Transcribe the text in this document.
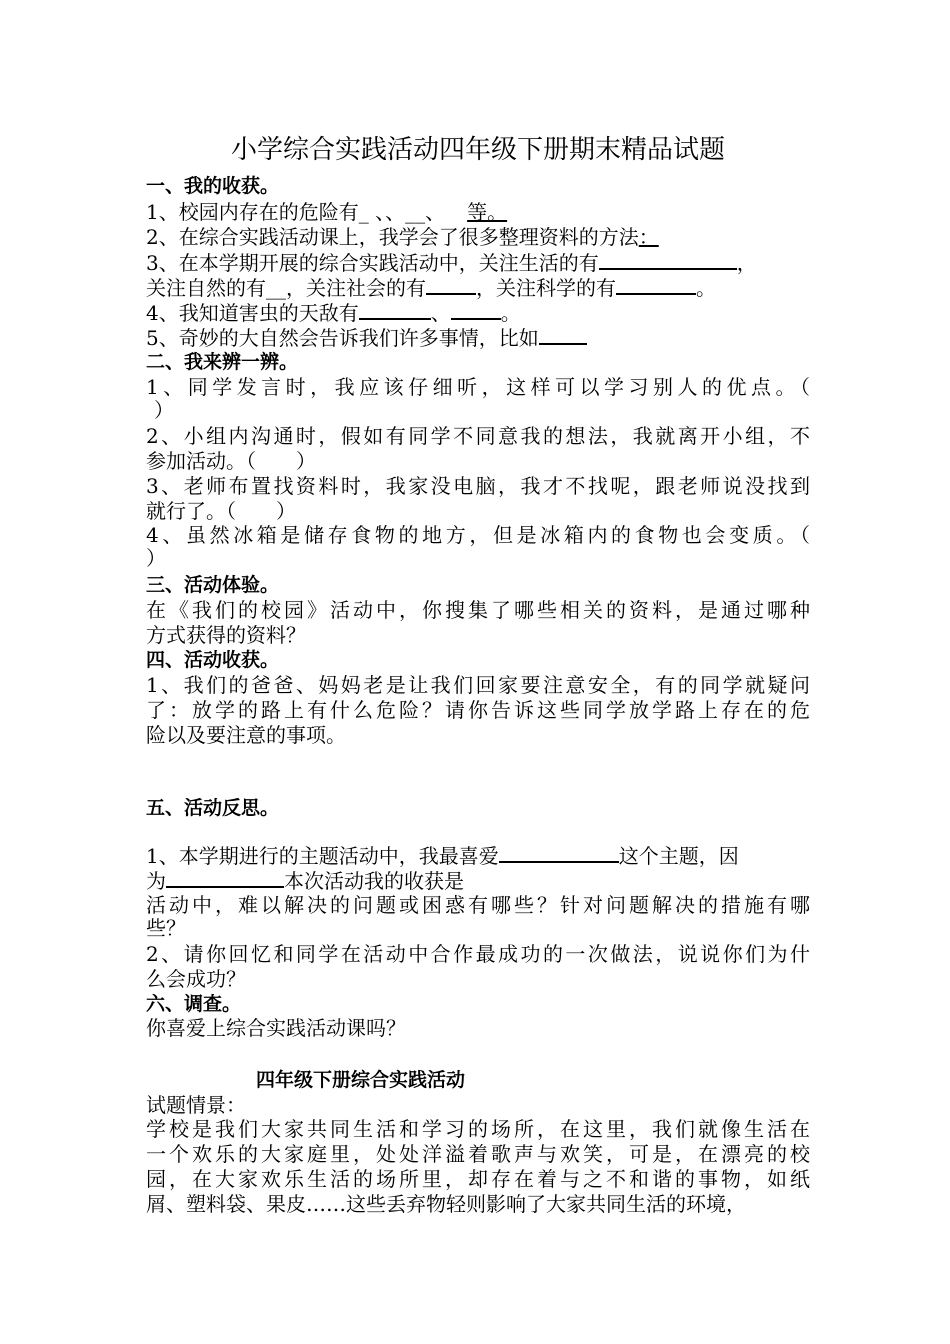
小学综合实践活动四年级下册期末精品试题
一、我的收获。
1、校园内存在的危险有_ 、、__、 等。
2、在综合实践活动课上，我学会了很多整理资料的方法：
3、在本学期开展的综合实践活动中，关注生活的有	，
关注自然的有__，关注社会的有	，关注科学的有	。
4、我知道害虫的天敌有	、	。
5、奇妙的大自然会告诉我们许多事情，比如
二、我来辨一辨。
1、同学发言时，我应该仔细听，这样可以学习别人的优点。（
）
2、小组内沟通时，假如有同学不同意我的想法，我就离开小组，不
参加活动。（　　）
3、老师布置找资料时，我家没电脑，我才不找呢，跟老师说没找到
就行了。（　　）
4、虽然冰箱是储存食物的地方，但是冰箱内的食物也会变质。（
）
三、活动体验。
在《我们的校园》活动中，你搜集了哪些相关的资料，是通过哪种
方式获得的资料？
四、活动收获。
1、我们的爸爸、妈妈老是让我们回家要注意安全，有的同学就疑问
了：放学的路上有什么危险？请你告诉这些同学放学路上存在的危
险以及要注意的事项。
五、活动反思。
1、本学期进行的主题活动中，我最喜爱	这个主题，因
为	本次活动我的收获是
活动中，难以解决的问题或困惑有哪些？针对问题解决的措施有哪
些？
2、请你回忆和同学在活动中合作最成功的一次做法，说说你们为什
么会成功？
六、调查。
你喜爱上综合实践活动课吗？
四年级下册综合实践活动
试题情景：
学校是我们大家共同生活和学习的场所，在这里，我们就像生活在
一个欢乐的大家庭里，处处洋溢着歌声与欢笑，可是，在漂亮的校
园，在大家欢乐生活的场所里，却存在着与之不和谐的事物，如纸
屑、塑料袋、果皮……这些丢弃物轻则影响了大家共同生活的环境，
